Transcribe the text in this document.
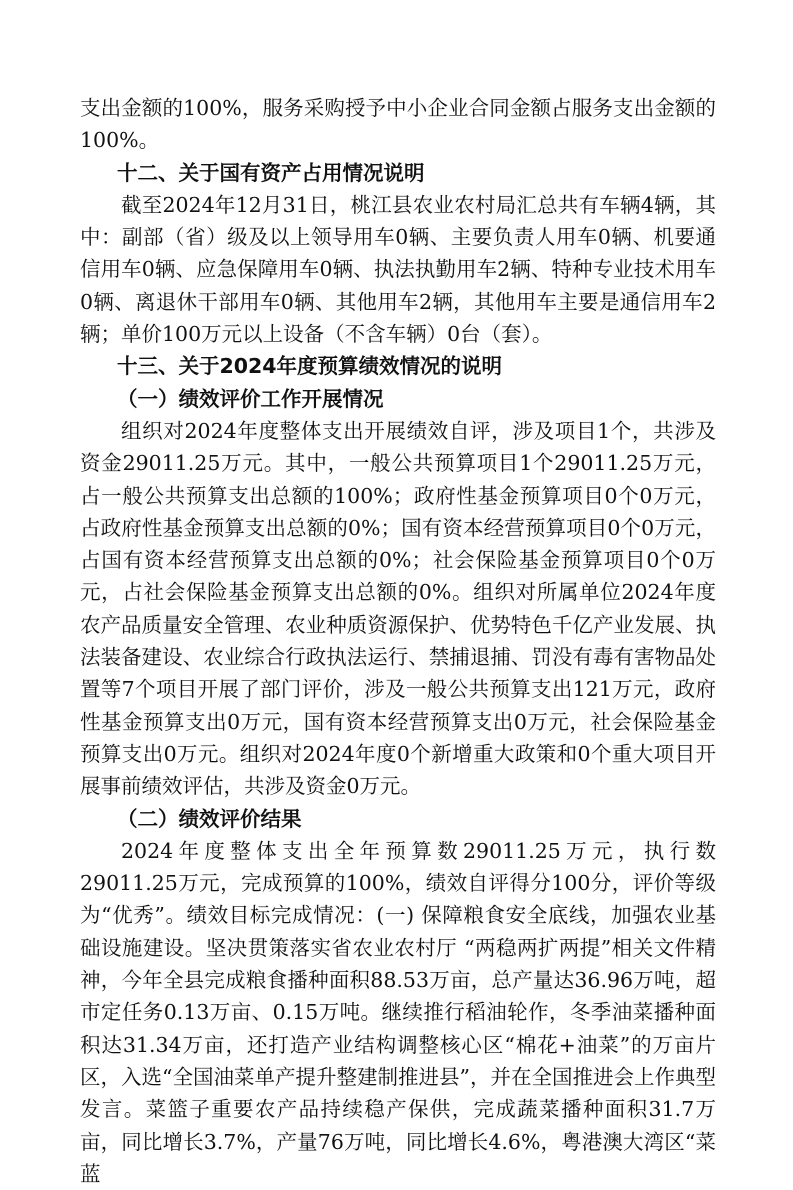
支出金额的100%，服务采购授予中小企业合同金额占服务支出金额的100%。

十二、关于国有资产占用情况说明

截至2024年12月31日，桃江县农业农村局汇总共有车辆4辆，其中：副部（省）级及以上领导用车0辆、主要负责人用车0辆、机要通信用车0辆、应急保障用车0辆、执法执勤用车2辆、特种专业技术用车0辆、离退休干部用车0辆、其他用车2辆，其他用车主要是通信用车2辆；单价100万元以上设备（不含车辆）0台（套）。

十三、关于2024年度预算绩效情况的说明

（一）绩效评价工作开展情况

组织对2024年度整体支出开展绩效自评，涉及项目1个，共涉及资金29011.25万元。其中，一般公共预算项目1个29011.25万元，占一般公共预算支出总额的100%；政府性基金预算项目0个0万元，占政府性基金预算支出总额的0%；国有资本经营预算项目0个0万元，占国有资本经营预算支出总额的0%；社会保险基金预算项目0个0万元，占社会保险基金预算支出总额的0%。组织对所属单位2024年度农产品质量安全管理、农业种质资源保护、优势特色千亿产业发展、执法装备建设、农业综合行政执法运行、禁捕退捕、罚没有毒有害物品处置等7个项目开展了部门评价，涉及一般公共预算支出121万元，政府性基金预算支出0万元，国有资本经营预算支出0万元，社会保险基金预算支出0万元。组织对2024年度0个新增重大政策和0个重大项目开展事前绩效评估，共涉及资金0万元。

（二）绩效评价结果

2024年度整体支出全年预算数29011.25万元，执行数29011.25万元，完成预算的100%，绩效自评得分100分，评价等级为“优秀”。绩效目标完成情况：(一) 保障粮食安全底线，加强农业基础设施建设。坚决贯策落实省农业农村厅 “两稳两扩两提”相关文件精神，今年全县完成粮食播种面积88.53万亩，总产量达36.96万吨，超市定任务0.13万亩、0.15万吨。继续推行稻油轮作，冬季油菜播种面积达31.34万亩，还打造产业结构调整核心区“棉花+油菜”的万亩片区，入选“全国油菜单产提升整建制推进县”，并在全国推进会上作典型发言。菜篮子重要农产品持续稳产保供，完成蔬菜播种面积31.7万亩，同比增长3.7%，产量76万吨，同比增长4.6%，粤港澳大湾区“菜蓝
